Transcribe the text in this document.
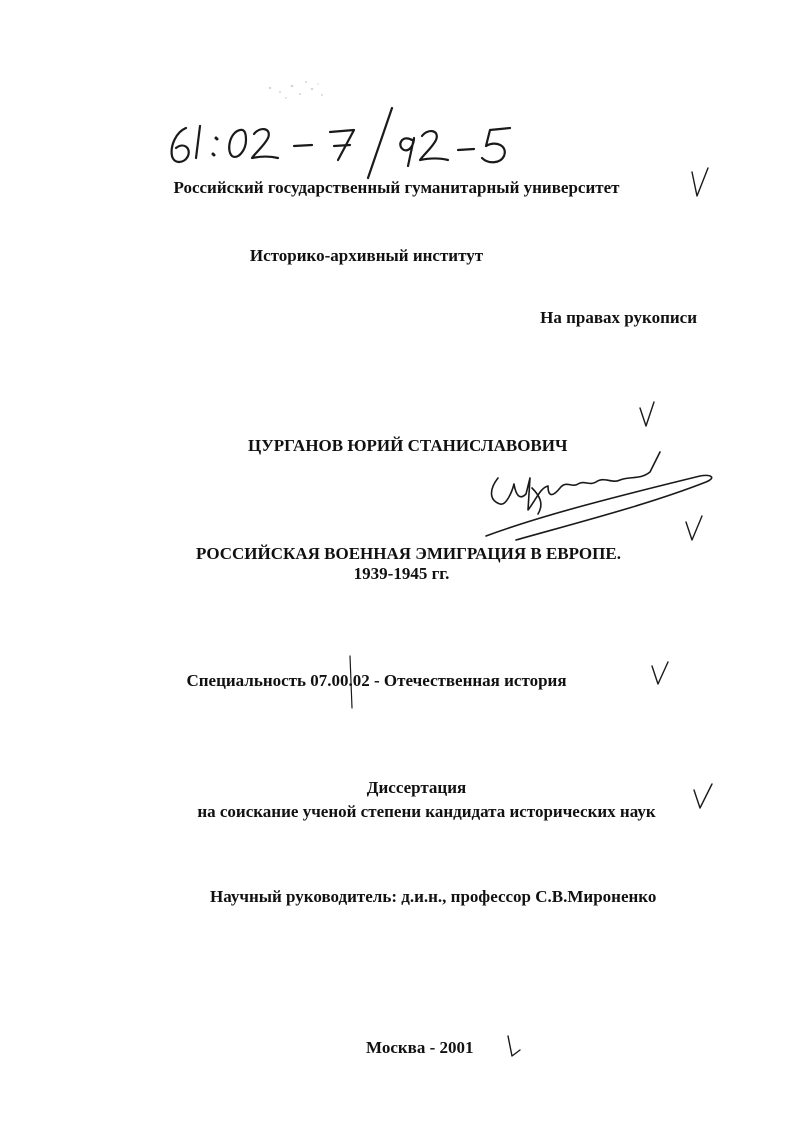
Российский государственный гуманитарный университет
Историко-архивный институт
На правах рукописи
ЦУРГАНОВ ЮРИЙ СТАНИСЛАВОВИЧ
РОССИЙСКАЯ ВОЕННАЯ ЭМИГРАЦИЯ В ЕВРОПЕ.
1939-1945 гг.
Специальность 07.00.02 - Отечественная история
Диссертация
на соискание ученой степени кандидата исторических наук
Научный руководитель: д.и.н., профессор С.В.Мироненко
Москва - 2001
